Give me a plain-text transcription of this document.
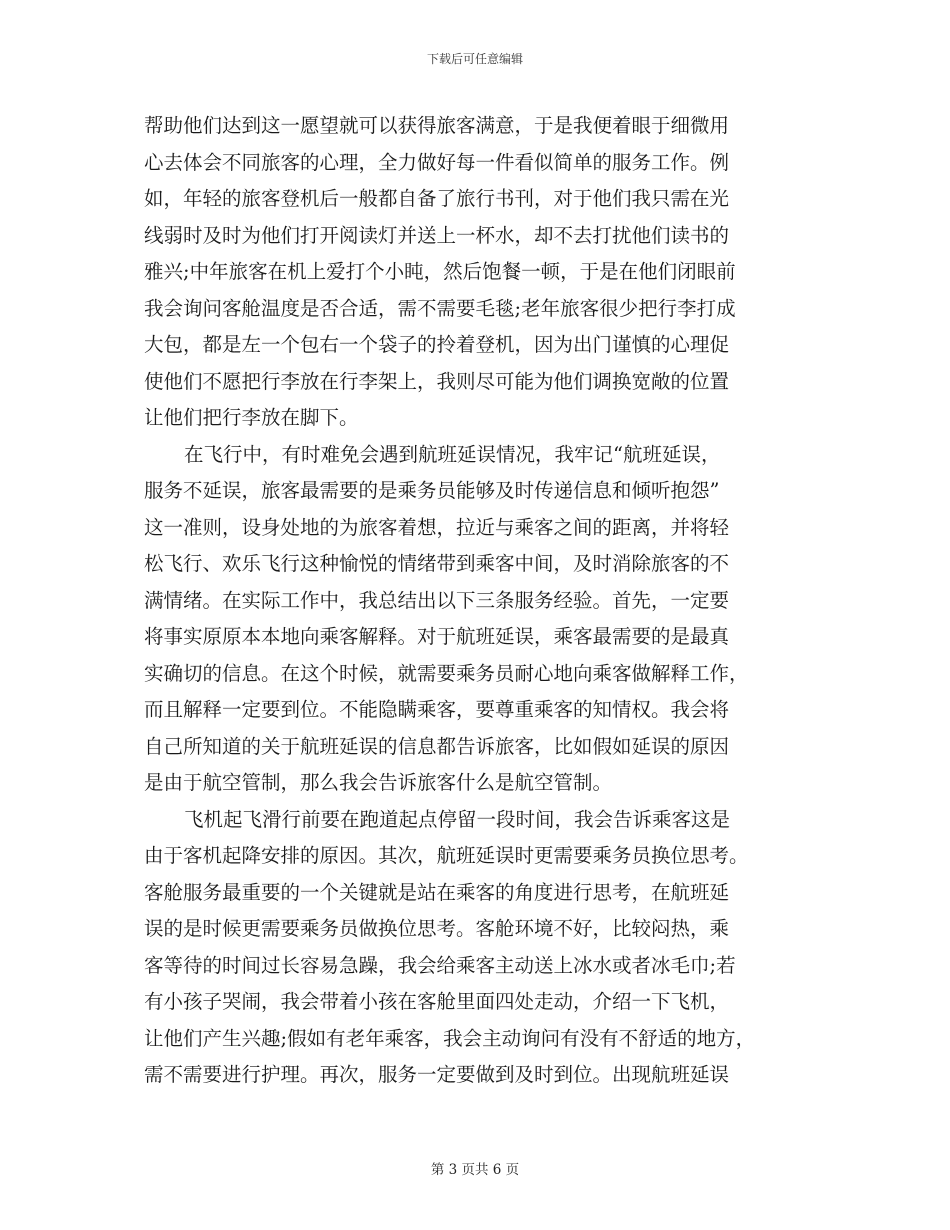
下载后可任意编辑
帮助他们达到这一愿望就可以获得旅客满意，于是我便着眼于细微用
心去体会不同旅客的心理，全力做好每一件看似简单的服务工作。例
如，年轻的旅客登机后一般都自备了旅行书刊，对于他们我只需在光
线弱时及时为他们打开阅读灯并送上一杯水，却不去打扰他们读书的
雅兴;中年旅客在机上爱打个小盹，然后饱餐一顿，于是在他们闭眼前
我会询问客舱温度是否合适，需不需要毛毯;老年旅客很少把行李打成
大包，都是左一个包右一个袋子的拎着登机，因为出门谨慎的心理促
使他们不愿把行李放在行李架上，我则尽可能为他们调换宽敞的位置
让他们把行李放在脚下。
在飞行中，有时难免会遇到航班延误情况，我牢记“航班延误，
服务不延误，旅客最需要的是乘务员能够及时传递信息和倾听抱怨”
这一准则，设身处地的为旅客着想，拉近与乘客之间的距离，并将轻
松飞行、欢乐飞行这种愉悦的情绪带到乘客中间，及时消除旅客的不
满情绪。在实际工作中，我总结出以下三条服务经验。首先，一定要
将事实原原本本地向乘客解释。对于航班延误，乘客最需要的是最真
实确切的信息。在这个时候，就需要乘务员耐心地向乘客做解释工作，
而且解释一定要到位。不能隐瞒乘客，要尊重乘客的知情权。我会将
自己所知道的关于航班延误的信息都告诉旅客，比如假如延误的原因
是由于航空管制，那么我会告诉旅客什么是航空管制。
飞机起飞滑行前要在跑道起点停留一段时间，我会告诉乘客这是
由于客机起降安排的原因。其次，航班延误时更需要乘务员换位思考。
客舱服务最重要的一个关键就是站在乘客的角度进行思考，在航班延
误的是时候更需要乘务员做换位思考。客舱环境不好，比较闷热，乘
客等待的时间过长容易急躁，我会给乘客主动送上冰水或者冰毛巾;若
有小孩子哭闹，我会带着小孩在客舱里面四处走动，介绍一下飞机，
让他们产生兴趣;假如有老年乘客，我会主动询问有没有不舒适的地方，
需不需要进行护理。再次，服务一定要做到及时到位。出现航班延误
第 3 页共 6 页
